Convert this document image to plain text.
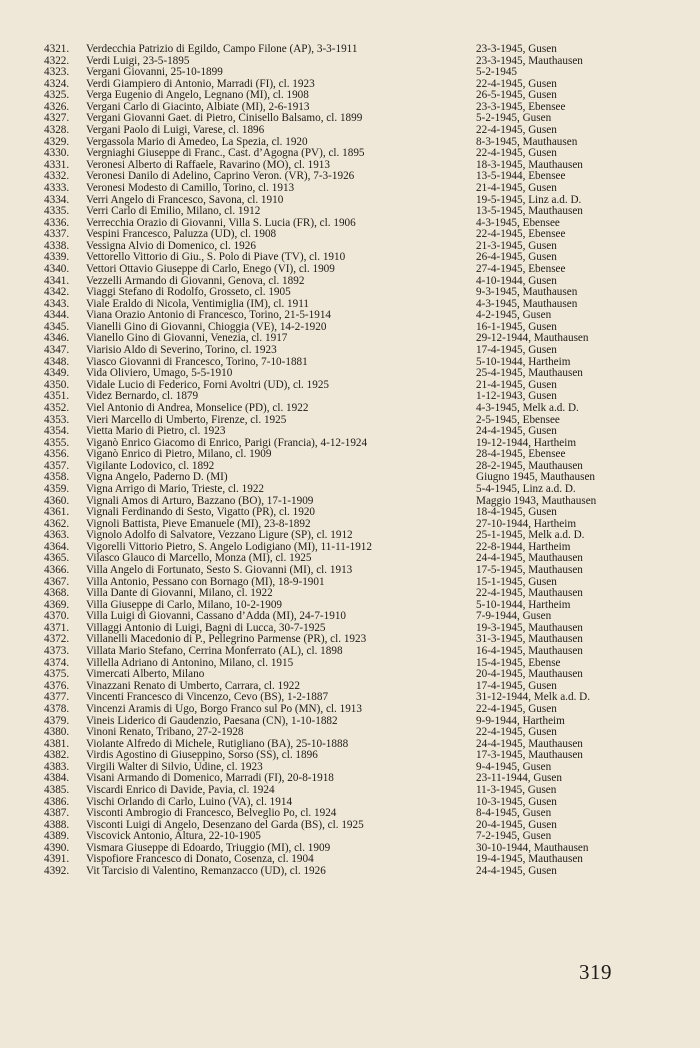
4321.	Verdecchia Patrizio di Egildo, Campo Filone (AP), 3-3-1911	23-3-1945, Gusen
4322.	Verdi Luigi, 23-5-1895	23-3-1945, Mauthausen
4323.	Vergani Giovanni, 25-10-1899	5-2-1945
4324.	Verdi Giampiero di Antonio, Marradi (FI), cl. 1923	22-4-1945, Gusen
4325.	Verga Eugenio di Angelo, Legnano (MI), cl. 1908	26-5-1945, Gusen
4326.	Vergani Carlo di Giacinto, Albiate (MI), 2-6-1913	23-3-1945, Ebensee
4327.	Vergani Giovanni Gaet. di Pietro, Cinisello Balsamo, cl. 1899	5-2-1945, Gusen
4328.	Vergani Paolo di Luigi, Varese, cl. 1896	22-4-1945, Gusen
4329.	Vergassola Mario di Amedeo, La Spezia, cl. 1920	8-3-1945, Mauthausen
4330.	Vergniaghi Giuseppe di Franc., Cast. d’Agogna (PV), cl. 1895	22-4-1945, Gusen
4331.	Veronesi Alberto di Raffaele, Ravarino (MO), cl. 1913	18-3-1945, Mauthausen
4332.	Veronesi Danilo di Adelino, Caprino Veron. (VR), 7-3-1926	13-5-1944, Ebensee
4333.	Veronesi Modesto di Camillo, Torino, cl. 1913	21-4-1945, Gusen
4334.	Verri Angelo di Francesco, Savona, cl. 1910	19-5-1945, Linz a.d. D.
4335.	Verri Carlo di Emilio, Milano, cl. 1912	13-5-1945, Mauthausen
4336.	Verrecchia Orazio di Giovanni, Villa S. Lucia (FR), cl. 1906	4-3-1945, Ebensee
4337.	Vespini Francesco, Paluzza (UD), cl. 1908	22-4-1945, Ebensee
4338.	Vessigna Alvio di Domenico, cl. 1926	21-3-1945, Gusen
4339.	Vettorello Vittorio di Giu., S. Polo di Piave (TV), cl. 1910	26-4-1945, Gusen
4340.	Vettori Ottavio Giuseppe di Carlo, Enego (VI), cl. 1909	27-4-1945, Ebensee
4341.	Vezzelli Armando di Giovanni, Genova, cl. 1892	4-10-1944, Gusen
4342.	Viaggi Stefano di Rodolfo, Grosseto, cl. 1905	9-3-1945, Mauthausen
4343.	Viale Eraldo di Nicola, Ventimiglia (IM), cl. 1911	4-3-1945, Mauthausen
4344.	Viana Orazio Antonio di Francesco, Torino, 21-5-1914	4-2-1945, Gusen
4345.	Vianelli Gino di Giovanni, Chioggia (VE), 14-2-1920	16-1-1945, Gusen
4346.	Vianello Gino di Giovanni, Venezia, cl. 1917	29-12-1944, Mauthausen
4347.	Viarisio Aldo di Severino, Torino, cl. 1923	17-4-1945, Gusen
4348.	Viasco Giovanni di Francesco, Torino, 7-10-1881	5-10-1944, Hartheim
4349.	Vida Oliviero, Umago, 5-5-1910	25-4-1945, Mauthausen
4350.	Vidale Lucio di Federico, Forni Avoltri (UD), cl. 1925	21-4-1945, Gusen
4351.	Videz Bernardo, cl. 1879	1-12-1943, Gusen
4352.	Viel Antonio di Andrea, Monselice (PD), cl. 1922	4-3-1945, Melk a.d. D.
4353.	Vieri Marcello di Umberto, Firenze, cl. 1925	2-5-1945, Ebensee
4354.	Vietta Mario di Pietro, cl. 1923	24-4-1945, Gusen
4355.	Viganò Enrico Giacomo di Enrico, Parigi (Francia), 4-12-1924	19-12-1944, Hartheim
4356.	Viganò Enrico di Pietro, Milano, cl. 1909	28-4-1945, Ebensee
4357.	Vigilante Lodovico, cl. 1892	28-2-1945, Mauthausen
4358.	Vigna Angelo, Paderno D. (MI)	Giugno 1945, Mauthausen
4359.	Vigna Arrigo di Mario, Trieste, cl. 1922	5-4-1945, Linz a.d. D.
4360.	Vignali Amos di Arturo, Bazzano (BO), 17-1-1909	Maggio 1943, Mauthausen
4361.	Vignali Ferdinando di Sesto, Vigatto (PR), cl. 1920	18-4-1945, Gusen
4362.	Vignoli Battista, Pieve Emanuele (MI), 23-8-1892	27-10-1944, Hartheim
4363.	Vignolo Adolfo di Salvatore, Vezzano Ligure (SP), cl. 1912	25-1-1945, Melk a.d. D.
4364.	Vigorelli Vittorio Pietro, S. Angelo Lodigiano (MI), 11-11-1912	22-8-1944, Hartheim
4365.	Vilasco Glauco di Marcello, Monza (MI), cl. 1925	24-4-1945, Mauthausen
4366.	Villa Angelo di Fortunato, Sesto S. Giovanni (MI), cl. 1913	17-5-1945, Mauthausen
4367.	Villa Antonio, Pessano con Bornago (MI), 18-9-1901	15-1-1945, Gusen
4368.	Villa Dante di Giovanni, Milano, cl. 1922	22-4-1945, Mauthausen
4369.	Villa Giuseppe di Carlo, Milano, 10-2-1909	5-10-1944, Hartheim
4370.	Villa Luigi di Giovanni, Cassano d’Adda (MI), 24-7-1910	7-9-1944, Gusen
4371.	Villaggi Antonio di Luigi, Bagni di Lucca, 30-7-1925	19-3-1945, Mauthausen
4372.	Villanelli Macedonio di P., Pellegrino Parmense (PR), cl. 1923	31-3-1945, Mauthausen
4373.	Villata Mario Stefano, Cerrina Monferrato (AL), cl. 1898	16-4-1945, Mauthausen
4374.	Villella Adriano di Antonino, Milano, cl. 1915	15-4-1945, Ebense
4375.	Vimercati Alberto, Milano	20-4-1945, Mauthausen
4376.	Vinazzani Renato di Umberto, Carrara, cl. 1922	17-4-1945, Gusen
4377.	Vincenti Francesco di Vincenzo, Cevo (BS), 1-2-1887	31-12-1944, Melk a.d. D.
4378.	Vincenzi Aramis di Ugo, Borgo Franco sul Po (MN), cl. 1913	22-4-1945, Gusen
4379.	Vineis Liderico di Gaudenzio, Paesana (CN), 1-10-1882	9-9-1944, Hartheim
4380.	Vinoni Renato, Tribano, 27-2-1928	22-4-1945, Gusen
4381.	Violante Alfredo di Michele, Rutigliano (BA), 25-10-1888	24-4-1945, Mauthausen
4382.	Virdis Agostino di Giuseppino, Sorso (SS), cl. 1896	17-3-1945, Mauthausen
4383.	Virgili Walter di Silvio, Udine, cl. 1923	9-4-1945, Gusen
4384.	Visani Armando di Domenico, Marradi (FI), 20-8-1918	23-11-1944, Gusen
4385.	Viscardi Enrico di Davide, Pavia, cl. 1924	11-3-1945, Gusen
4386.	Vischi Orlando di Carlo, Luino (VA), cl. 1914	10-3-1945, Gusen
4387.	Visconti Ambrogio di Francesco, Belveglio Po, cl. 1924	8-4-1945, Gusen
4388.	Visconti Luigi di Angelo, Desenzano del Garda (BS), cl. 1925	20-4-1945, Gusen
4389.	Viscovick Antonio, Altura, 22-10-1905	7-2-1945, Gusen
4390.	Vismara Giuseppe di Edoardo, Triuggio (MI), cl. 1909	30-10-1944, Mauthausen
4391.	Vispofiore Francesco di Donato, Cosenza, cl. 1904	19-4-1945, Mauthausen
4392.	Vit Tarcisio di Valentino, Remanzacco (UD), cl. 1926	24-4-1945, Gusen
319
